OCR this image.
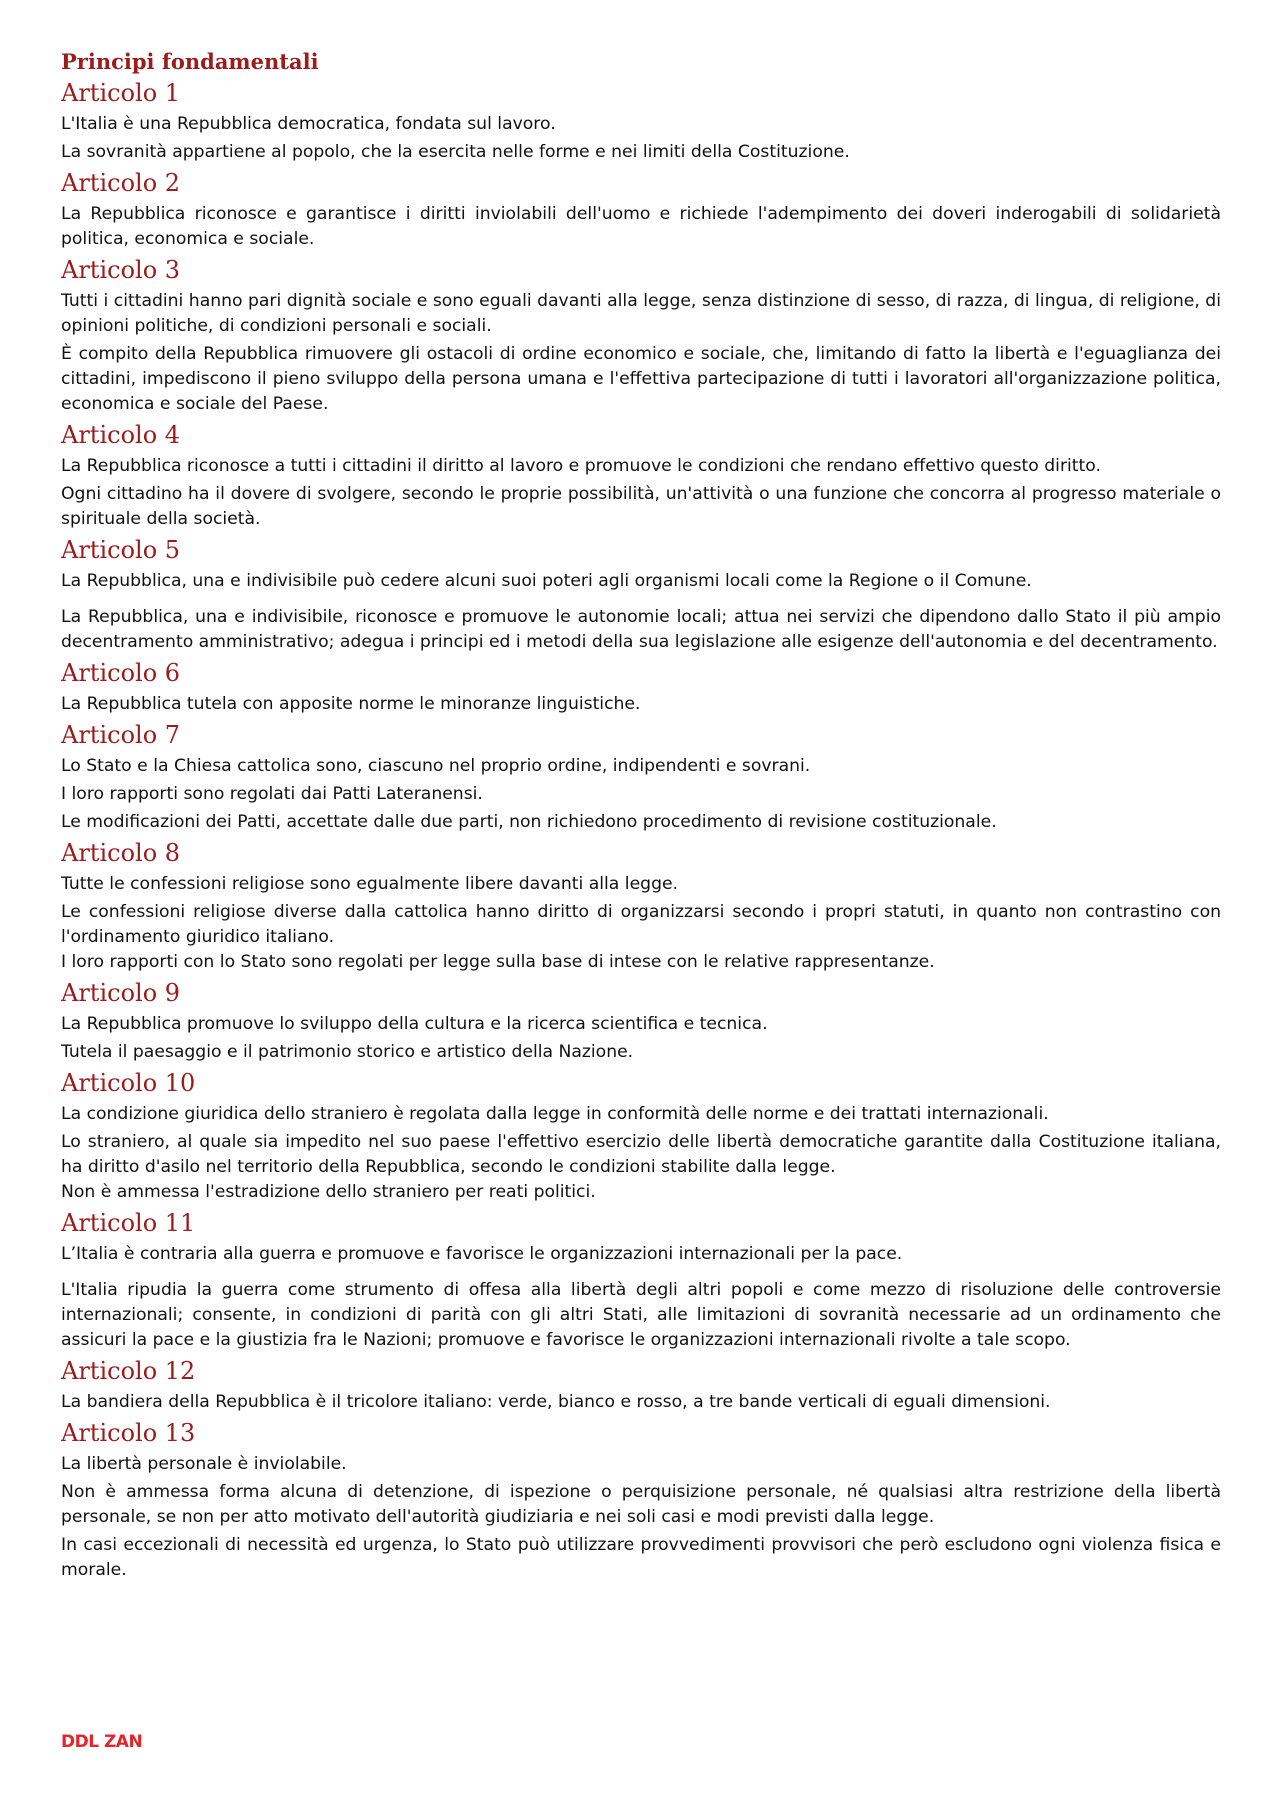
Principi fondamentali
Articolo 1

L'Italia è una Repubblica democratica, fondata sul lavoro.

La sovranità appartiene al popolo, che la esercita nelle forme e nei limiti della Costituzione.

Articolo 2

La Repubblica riconosce e garantisce i diritti inviolabili dell'uomo e richiede l'adempimento dei doveri inderogabili di solidarietà politica, economica e sociale.

Articolo 3

Tutti i cittadini hanno pari dignità sociale e sono eguali davanti alla legge, senza distinzione di sesso, di razza, di lingua, di religione, di opinioni politiche, di condizioni personali e sociali.

È compito della Repubblica rimuovere gli ostacoli di ordine economico e sociale, che, limitando di fatto la libertà e l'eguaglianza dei cittadini, impediscono il pieno sviluppo della persona umana e l'effettiva partecipazione di tutti i lavoratori all'organizzazione politica, economica e sociale del Paese.

Articolo 4

La Repubblica riconosce a tutti i cittadini il diritto al lavoro e promuove le condizioni che rendano effettivo questo diritto.

Ogni cittadino ha il dovere di svolgere, secondo le proprie possibilità, un'attività o una funzione che concorra al progresso materiale o spirituale della società.

Articolo 5

La Repubblica, una e indivisibile può cedere alcuni suoi poteri agli organismi locali come la Regione o il Comune.

La Repubblica, una e indivisibile, riconosce e promuove le autonomie locali; attua nei servizi che dipendono dallo Stato il più ampio decentramento amministrativo; adegua i principi ed i metodi della sua legislazione alle esigenze dell'autonomia e del decentramento.

Articolo 6

La Repubblica tutela con apposite norme le minoranze linguistiche.

Articolo 7

Lo Stato e la Chiesa cattolica sono, ciascuno nel proprio ordine, indipendenti e sovrani.

I loro rapporti sono regolati dai Patti Lateranensi.

Le modificazioni dei Patti, accettate dalle due parti, non richiedono procedimento di revisione costituzionale.

Articolo 8

Tutte le confessioni religiose sono egualmente libere davanti alla legge.

Le confessioni religiose diverse dalla cattolica hanno diritto di organizzarsi secondo i propri statuti, in quanto non contrastino con l'ordinamento giuridico italiano.

I loro rapporti con lo Stato sono regolati per legge sulla base di intese con le relative rappresentanze.

Articolo 9

La Repubblica promuove lo sviluppo della cultura e la ricerca scientifica e tecnica.

Tutela il paesaggio e il patrimonio storico e artistico della Nazione.

Articolo 10

La condizione giuridica dello straniero è regolata dalla legge in conformità delle norme e dei trattati internazionali.

Lo straniero, al quale sia impedito nel suo paese l'effettivo esercizio delle libertà democratiche garantite dalla Costituzione italiana, ha diritto d'asilo nel territorio della Repubblica, secondo le condizioni stabilite dalla legge.

Non è ammessa l'estradizione dello straniero per reati politici.

Articolo 11

L’Italia è contraria alla guerra e promuove e favorisce le organizzazioni internazionali per la pace.

L'Italia ripudia la guerra come strumento di offesa alla libertà degli altri popoli e come mezzo di risoluzione delle controversie internazionali; consente, in condizioni di parità con gli altri Stati, alle limitazioni di sovranità necessarie ad un ordinamento che assicuri la pace e la giustizia fra le Nazioni; promuove e favorisce le organizzazioni internazionali rivolte a tale scopo.

Articolo 12

La bandiera della Repubblica è il tricolore italiano: verde, bianco e rosso, a tre bande verticali di eguali dimensioni.

Articolo 13

La libertà personale è inviolabile.

Non è ammessa forma alcuna di detenzione, di ispezione o perquisizione personale, né qualsiasi altra restrizione della libertà personale, se non per atto motivato dell'autorità giudiziaria e nei soli casi e modi previsti dalla legge.

In casi eccezionali di necessità ed urgenza, lo Stato può utilizzare provvedimenti provvisori che però escludono ogni violenza fisica e morale.

DDL ZAN
